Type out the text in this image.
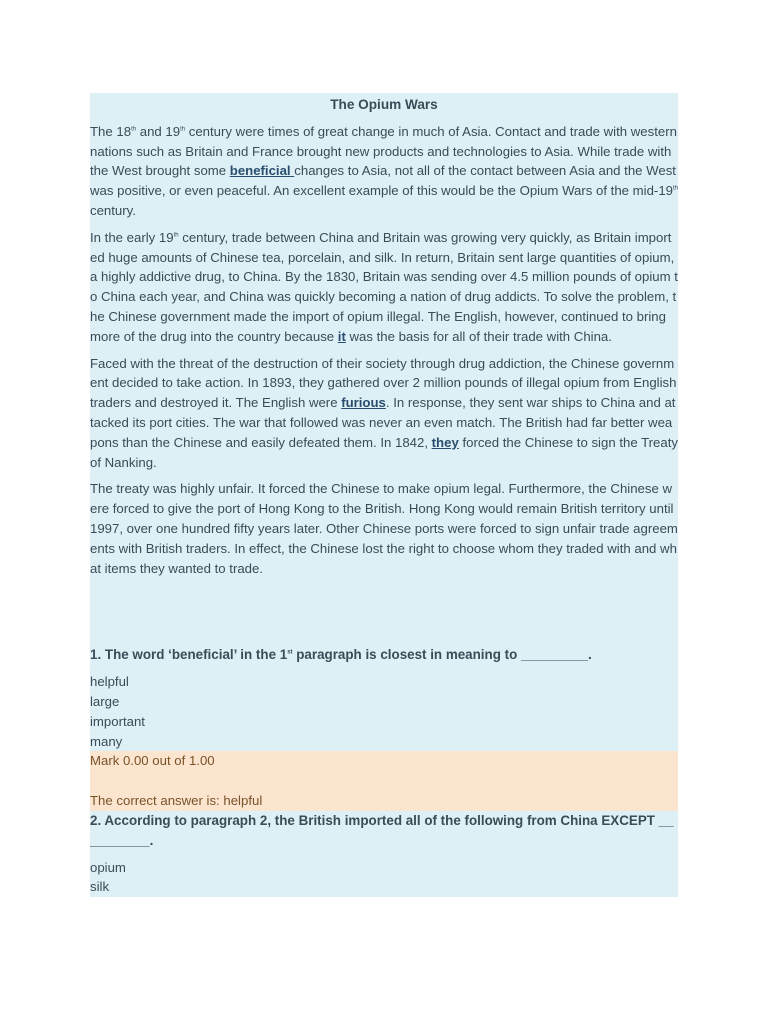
The Opium Wars

The 18th and 19th century were times of great change in much of Asia. Contact and trade with western nations such as Britain and France brought new products and technologies to Asia. While trade with the West brought some beneficial changes to Asia, not all of the contact between Asia and the West was positive, or even peaceful. An excellent example of this would be the Opium Wars of the mid-19th century.

In the early 19th century, trade between China and Britain was growing very quickly, as Britain imported huge amounts of Chinese tea, porcelain, and silk. In return, Britain sent large quantities of opium, a highly addictive drug, to China. By the 1830, Britain was sending over 4.5 million pounds of opium to China each year, and China was quickly becoming a nation of drug addicts. To solve the problem, the Chinese government made the import of opium illegal. The English, however, continued to bring more of the drug into the country because it was the basis for all of their trade with China.

Faced with the threat of the destruction of their society through drug addiction, the Chinese government decided to take action. In 1893, they gathered over 2 million pounds of illegal opium from English traders and destroyed it. The English were furious. In response, they sent war ships to China and attacked its port cities. The war that followed was never an even match. The British had far better weapons than the Chinese and easily defeated them. In 1842, they forced the Chinese to sign the Treaty of Nanking.

The treaty was highly unfair. It forced the Chinese to make opium legal. Furthermore, the Chinese were forced to give the port of Hong Kong to the British. Hong Kong would remain British territory until 1997, over one hundred fifty years later. Other Chinese ports were forced to sign unfair trade agreements with British traders. In effect, the Chinese lost the right to choose whom they traded with and what items they wanted to trade.

1. The word ‘beneficial’ in the 1st paragraph is closest in meaning to _________.
helpful
large
important
many
Mark 0.00 out of 1.00
The correct answer is: helpful
2. According to paragraph 2, the British imported all of the following from China EXCEPT __________.
opium
silk
